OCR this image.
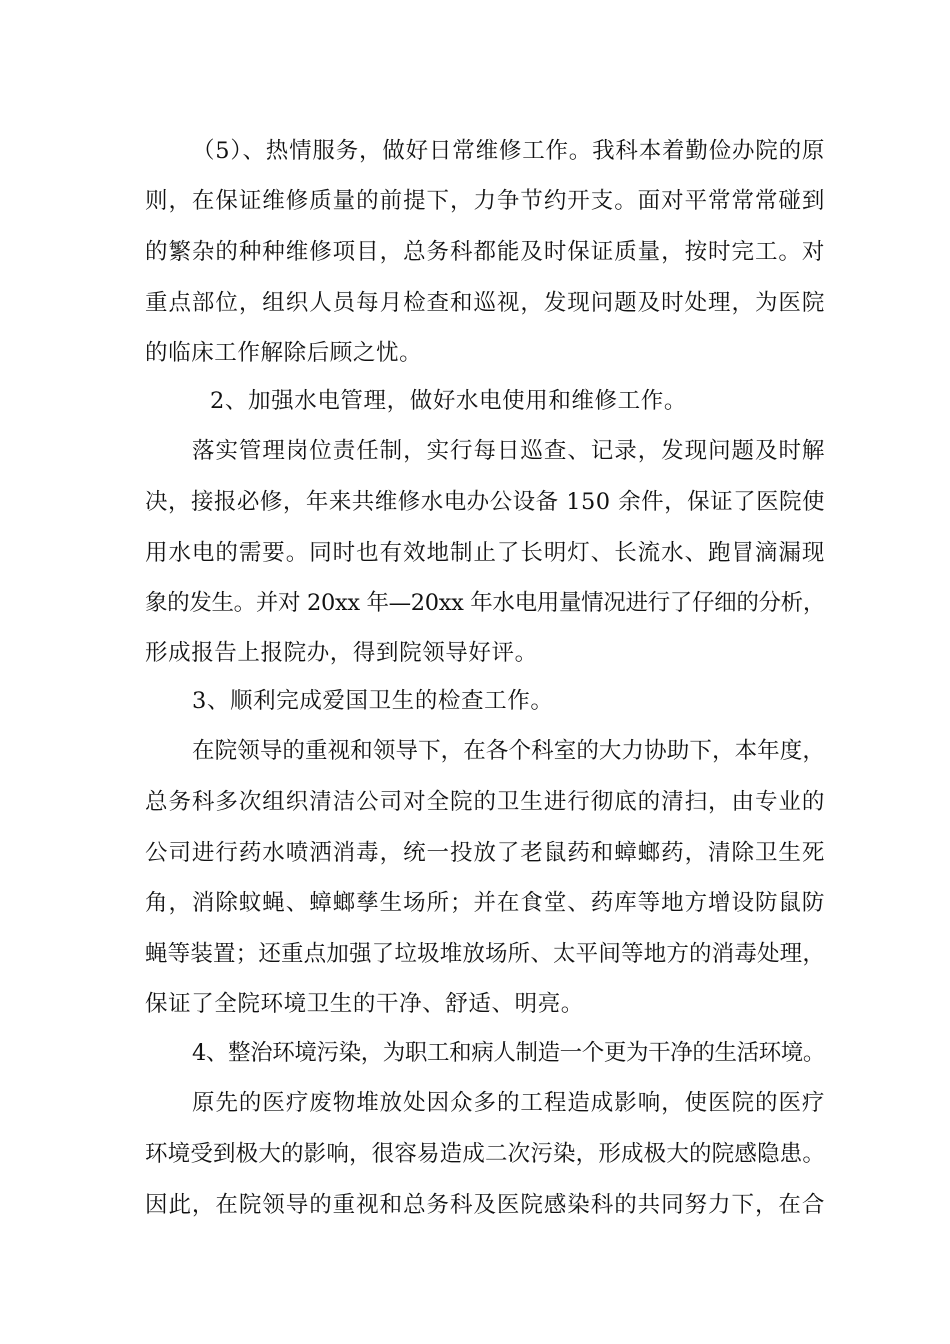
（5）、热情服务，做好日常维修工作。我科本着勤俭办院的原
则，在保证维修质量的前提下，力争节约开支。面对平常常常碰到
的繁杂的种种维修项目，总务科都能及时保证质量，按时完工。对
重点部位，组织人员每月检查和巡视，发现问题及时处理，为医院
的临床工作解除后顾之忧。
2、加强水电管理，做好水电使用和维修工作。
落实管理岗位责任制，实行每日巡查、记录，发现问题及时解
决，接报必修，年来共维修水电办公设备 150 余件，保证了医院使
用水电的需要。同时也有效地制止了长明灯、长流水、跑冒滴漏现
象的发生。并对 20xx 年—20xx 年水电用量情况进行了仔细的分析，
形成报告上报院办，得到院领导好评。
3、顺利完成爱国卫生的检查工作。
在院领导的重视和领导下，在各个科室的大力协助下，本年度，
总务科多次组织清洁公司对全院的卫生进行彻底的清扫，由专业的
公司进行药水喷洒消毒，统一投放了老鼠药和蟑螂药，清除卫生死
角，消除蚊蝇、蟑螂孳生场所；并在食堂、药库等地方增设防鼠防
蝇等装置；还重点加强了垃圾堆放场所、太平间等地方的消毒处理，
保证了全院环境卫生的干净、舒适、明亮。
4、整治环境污染，为职工和病人制造一个更为干净的生活环境。
原先的医疗废物堆放处因众多的工程造成影响，使医院的医疗
环境受到极大的影响，很容易造成二次污染，形成极大的院感隐患。
因此，在院领导的重视和总务科及医院感染科的共同努力下，在合
